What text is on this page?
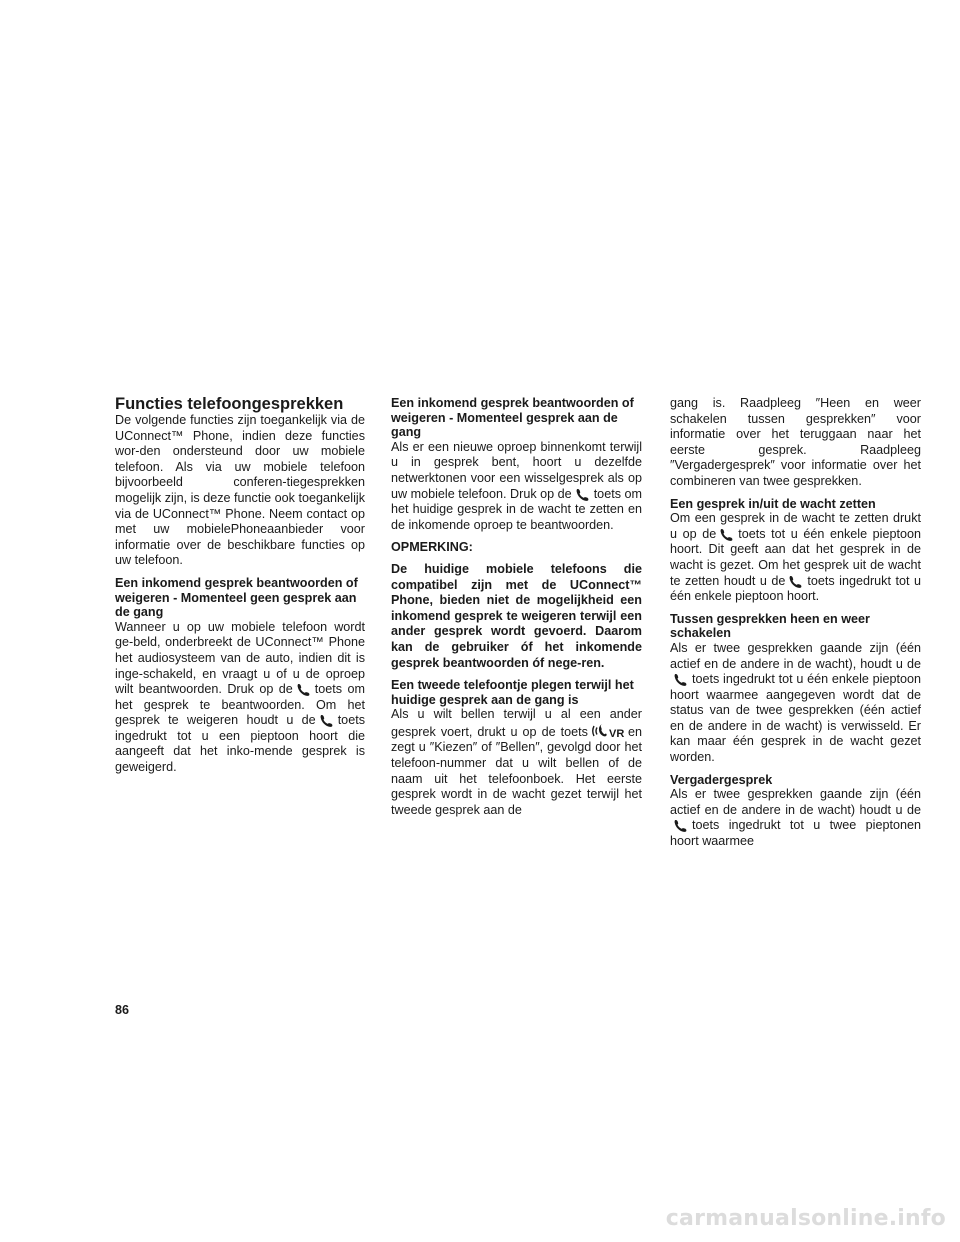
Functies telefoongesprekken

De volgende functies zijn toegankelijk via de UConnect™ Phone, indien deze functies wor-den ondersteund door uw mobiele telefoon. Als via uw mobiele telefoon bijvoorbeeld conferen-tiegesprekken mogelijk zijn, is deze functie ook toegankelijk via de UConnect™ Phone. Neem contact op met uw mobielePhoneaanbieder voor informatie over de beschikbare functies op uw telefoon.

Een inkomend gesprek beantwoorden of weigeren - Momenteel geen gesprek aan de gang

Wanneer u op uw mobiele telefoon wordt ge-beld, onderbreekt de UConnect™ Phone het audiosysteem van de auto, indien dit is inge-schakeld, en vraagt u of u de oproep wilt beantwoorden. Druk op de toets om het gesprek te beantwoorden. Om het gesprek te weigeren houdt u de toets ingedrukt tot u een pieptoon hoort die aangeeft dat het inko-mende gesprek is geweigerd.

Een inkomend gesprek beantwoorden of weigeren - Momenteel gesprek aan de gang

Als er een nieuwe oproep binnenkomt terwijl u in gesprek bent, hoort u dezelfde netwerktonen voor een wisselgesprek als op uw mobiele telefoon. Druk op de toets om het huidige gesprek in de wacht te zetten en de inkomende oproep te beantwoorden.

OPMERKING:

De huidige mobiele telefoons die compatibel zijn met de UConnect™ Phone, bieden niet de mogelijkheid een inkomend gesprek te weigeren terwijl een ander gesprek wordt gevoerd. Daarom kan de gebruiker óf het inkomende gesprek beantwoorden óf nege-ren.

Een tweede telefoontje plegen terwijl het huidige gesprek aan de gang is

Als u wilt bellen terwijl u al een ander gesprek voert, drukt u op de toets VR en zegt u ″Kiezen″ of ″Bellen″, gevolgd door het telefoon-nummer dat u wilt bellen of de naam uit het telefoonboek. Het eerste gesprek wordt in de wacht gezet terwijl het tweede gesprek aan de

gang is. Raadpleeg ″Heen en weer schakelen tussen gesprekken″ voor informatie over het teruggaan naar het eerste gesprek. Raadpleeg ″Vergadergesprek″ voor informatie over het combineren van twee gesprekken.

Een gesprek in/uit de wacht zetten

Om een gesprek in de wacht te zetten drukt u op de toets tot u één enkele pieptoon hoort. Dit geeft aan dat het gesprek in de wacht is gezet. Om het gesprek uit de wacht te zetten houdt u de toets ingedrukt tot u één enkele pieptoon hoort.

Tussen gesprekken heen en weer schakelen

Als er twee gesprekken gaande zijn (één actief en de andere in de wacht), houdt u de
toets ingedrukt tot u één enkele pieptoon hoort waarmee aangegeven wordt dat de status van de twee gesprekken (één actief en de andere in de wacht) is verwisseld. Er kan maar één gesprek in de wacht gezet worden.

Vergadergesprek

Als er twee gesprekken gaande zijn (één actief en de andere in de wacht) houdt u de
toets ingedrukt tot u twee pieptonen hoort waarmee

86
carmanualsonline.info
